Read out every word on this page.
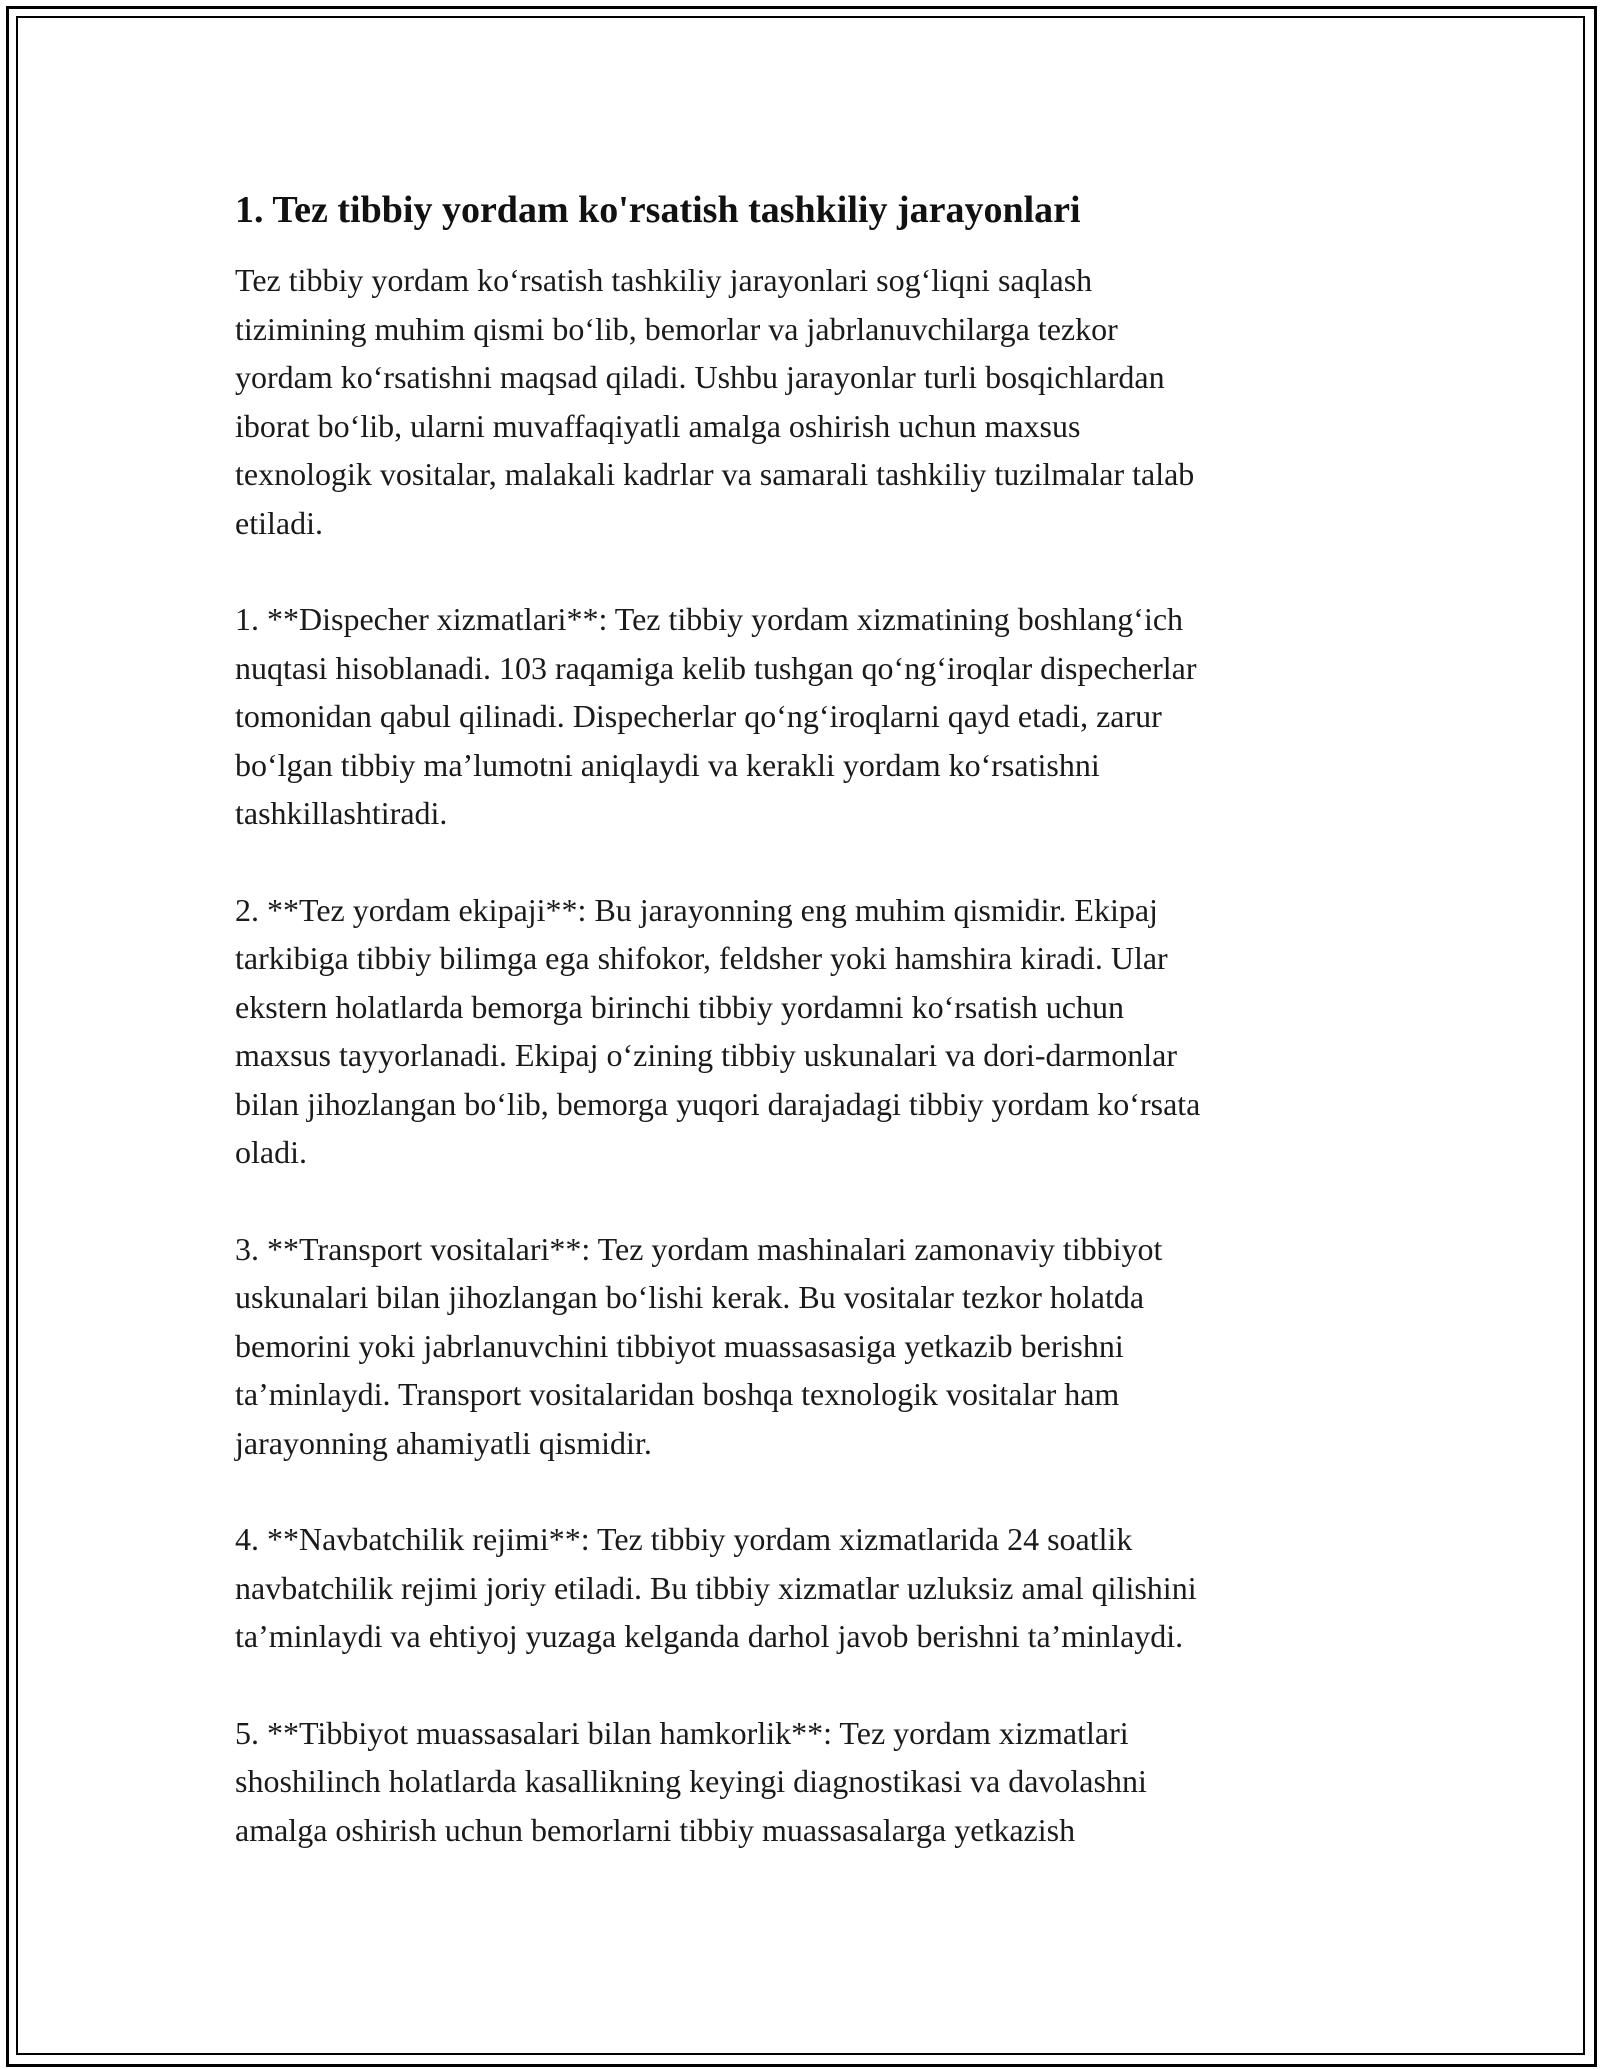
1. Tez tibbiy yordam ko'rsatish tashkiliy jarayonlari

Tez tibbiy yordam ko‘rsatish tashkiliy jarayonlari sog‘liqni saqlash
tizimining muhim qismi bo‘lib, bemorlar va jabrlanuvchilarga tezkor
yordam ko‘rsatishni maqsad qiladi. Ushbu jarayonlar turli bosqichlardan
iborat bo‘lib, ularni muvaffaqiyatli amalga oshirish uchun maxsus
texnologik vositalar, malakali kadrlar va samarali tashkiliy tuzilmalar talab
etiladi.

1. **Dispecher xizmatlari**: Tez tibbiy yordam xizmatining boshlang‘ich
nuqtasi hisoblanadi. 103 raqamiga kelib tushgan qo‘ng‘iroqlar dispecherlar
tomonidan qabul qilinadi. Dispecherlar qo‘ng‘iroqlarni qayd etadi, zarur
bo‘lgan tibbiy ma’lumotni aniqlaydi va kerakli yordam ko‘rsatishni
tashkillashtiradi.

2. **Tez yordam ekipaji**: Bu jarayonning eng muhim qismidir. Ekipaj
tarkibiga tibbiy bilimga ega shifokor, feldsher yoki hamshira kiradi. Ular
ekstern holatlarda bemorga birinchi tibbiy yordamni ko‘rsatish uchun
maxsus tayyorlanadi. Ekipaj o‘zining tibbiy uskunalari va dori-darmonlar
bilan jihozlangan bo‘lib, bemorga yuqori darajadagi tibbiy yordam ko‘rsata
oladi.

3. **Transport vositalari**: Tez yordam mashinalari zamonaviy tibbiyot
uskunalari bilan jihozlangan bo‘lishi kerak. Bu vositalar tezkor holatda
bemorini yoki jabrlanuvchini tibbiyot muassasasiga yetkazib berishni
ta’minlaydi. Transport vositalaridan boshqa texnologik vositalar ham
jarayonning ahamiyatli qismidir.

4. **Navbatchilik rejimi**: Tez tibbiy yordam xizmatlarida 24 soatlik
navbatchilik rejimi joriy etiladi. Bu tibbiy xizmatlar uzluksiz amal qilishini
ta’minlaydi va ehtiyoj yuzaga kelganda darhol javob berishni ta’minlaydi.

5. **Tibbiyot muassasalari bilan hamkorlik**: Tez yordam xizmatlari
shoshilinch holatlarda kasallikning keyingi diagnostikasi va davolashni
amalga oshirish uchun bemorlarni tibbiy muassasalarga yetkazish
